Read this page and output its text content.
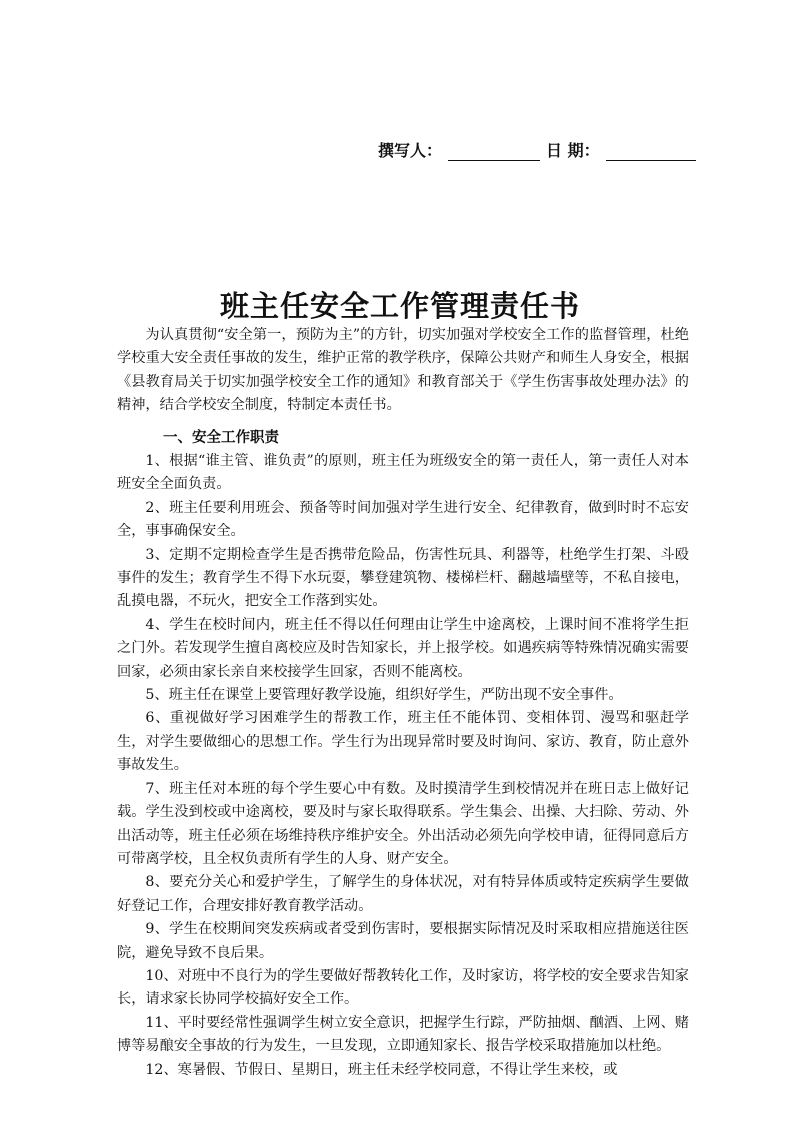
撰写人：	日 期：
班主任安全工作管理责任书

为认真贯彻“安全第一，预防为主”的方针，切实加强对学校安全工作的监督管理，杜绝学校重大安全责任事故的发生，维护正常的教学秩序，保障公共财产和师生人身安全，根据《县教育局关于切实加强学校安全工作的通知》和教育部关于《学生伤害事故处理办法》的精神，结合学校安全制度，特制定本责任书。

一、安全工作职责

1、根据“谁主管、谁负责”的原则，班主任为班级安全的第一责任人，第一责任人对本班安全全面负责。

2、班主任要利用班会、预备等时间加强对学生进行安全、纪律教育，做到时时不忘安全，事事确保安全。

3、定期不定期检查学生是否携带危险品，伤害性玩具、利器等，杜绝学生打架、斗殴事件的发生；教育学生不得下水玩耍，攀登建筑物、楼梯栏杆、翻越墙壁等，不私自接电，乱摸电器，不玩火，把安全工作落到实处。

4、学生在校时间内，班主任不得以任何理由让学生中途离校，上课时间不准将学生拒之门外。若发现学生擅自离校应及时告知家长，并上报学校。如遇疾病等特殊情况确实需要回家，必须由家长亲自来校接学生回家，否则不能离校。

5、班主任在课堂上要管理好教学设施，组织好学生，严防出现不安全事件。

6、重视做好学习困难学生的帮教工作，班主任不能体罚、变相体罚、漫骂和驱赶学生，对学生要做细心的思想工作。学生行为出现异常时要及时询问、家访、教育，防止意外事故发生。

7、班主任对本班的每个学生要心中有数。及时摸清学生到校情况并在班日志上做好记载。学生没到校或中途离校，要及时与家长取得联系。学生集会、出操、大扫除、劳动、外出活动等，班主任必须在场维持秩序维护安全。外出活动必须先向学校申请，征得同意后方可带离学校，且全权负责所有学生的人身、财产安全。

8、要充分关心和爱护学生，了解学生的身体状况，对有特异体质或特定疾病学生要做好登记工作，合理安排好教育教学活动。

9、学生在校期间突发疾病或者受到伤害时，要根据实际情况及时采取相应措施送往医院，避免导致不良后果。

10、对班中不良行为的学生要做好帮教转化工作，及时家访，将学校的安全要求告知家长，请求家长协同学校搞好安全工作。

11、平时要经常性强调学生树立安全意识，把握学生行踪，严防抽烟、酗酒、上网、赌博等易酿安全事故的行为发生，一旦发现，立即通知家长、报告学校采取措施加以杜绝。

12、寒暑假、节假日、星期日，班主任未经学校同意，不得让学生来校，或
